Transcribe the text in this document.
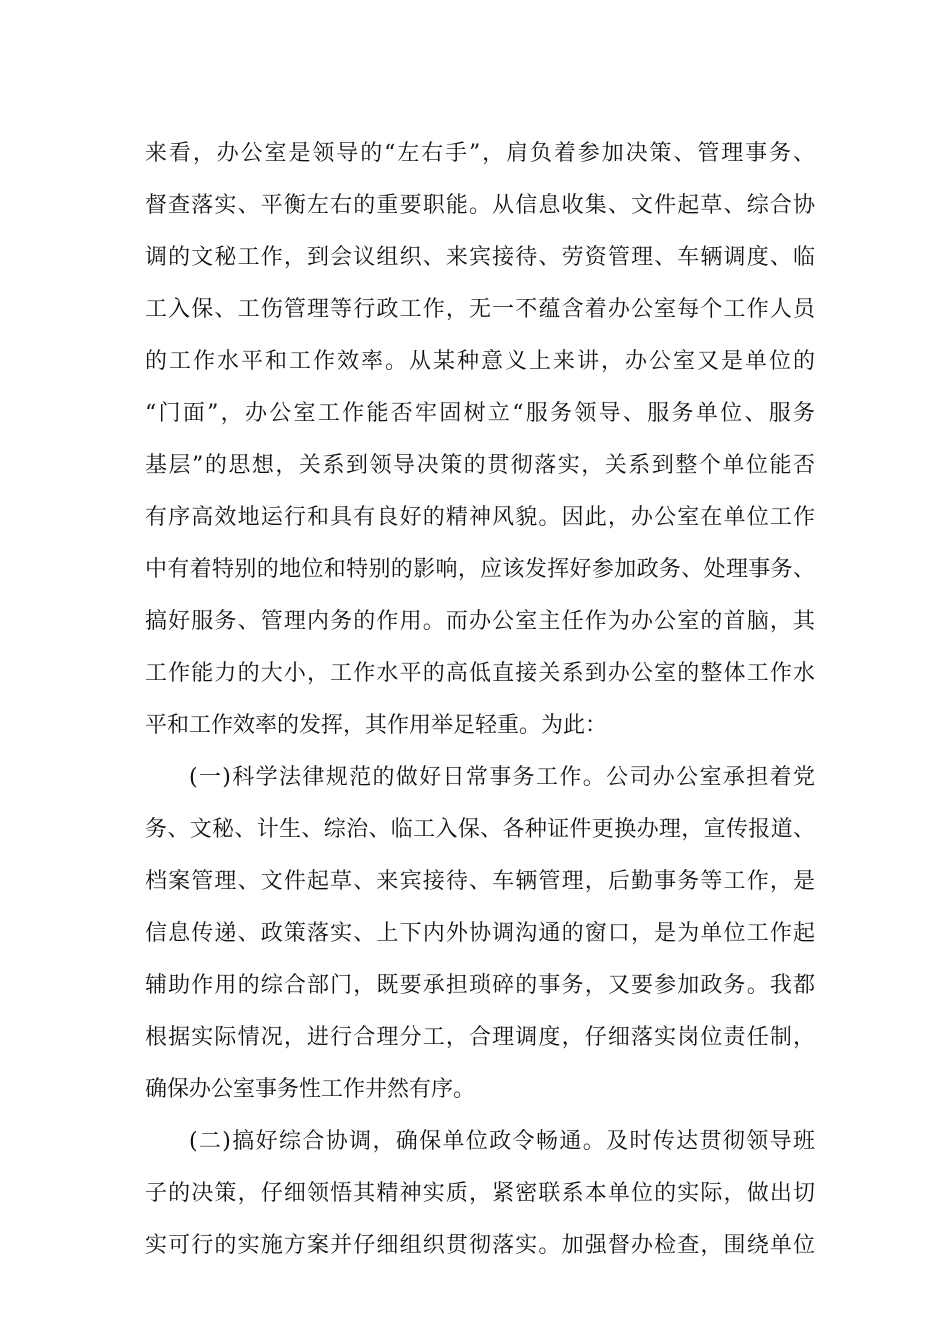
来看，办公室是领导的“左右手”，肩负着参加决策、管理事务、
督查落实、平衡左右的重要职能。从信息收集、文件起草、综合协
调的文秘工作，到会议组织、来宾接待、劳资管理、车辆调度、临
工入保、工伤管理等行政工作，无一不蕴含着办公室每个工作人员
的工作水平和工作效率。从某种意义上来讲，办公室又是单位的
“门面”，办公室工作能否牢固树立“服务领导、服务单位、服务
基层”的思想，关系到领导决策的贯彻落实，关系到整个单位能否
有序高效地运行和具有良好的精神风貌。因此，办公室在单位工作
中有着特别的地位和特别的影响，应该发挥好参加政务、处理事务、
搞好服务、管理内务的作用。而办公室主任作为办公室的首脑，其
工作能力的大小，工作水平的高低直接关系到办公室的整体工作水
平和工作效率的发挥，其作用举足轻重。为此：
(一)科学法律规范的做好日常事务工作。公司办公室承担着党
务、文秘、计生、综治、临工入保、各种证件更换办理，宣传报道、
档案管理、文件起草、来宾接待、车辆管理，后勤事务等工作，是
信息传递、政策落实、上下内外协调沟通的窗口，是为单位工作起
辅助作用的综合部门，既要承担琐碎的事务，又要参加政务。我都
根据实际情况，进行合理分工，合理调度，仔细落实岗位责任制，
确保办公室事务性工作井然有序。
(二)搞好综合协调，确保单位政令畅通。及时传达贯彻领导班
子的决策，仔细领悟其精神实质，紧密联系本单位的实际，做出切
实可行的实施方案并仔细组织贯彻落实。加强督办检查，围绕单位
